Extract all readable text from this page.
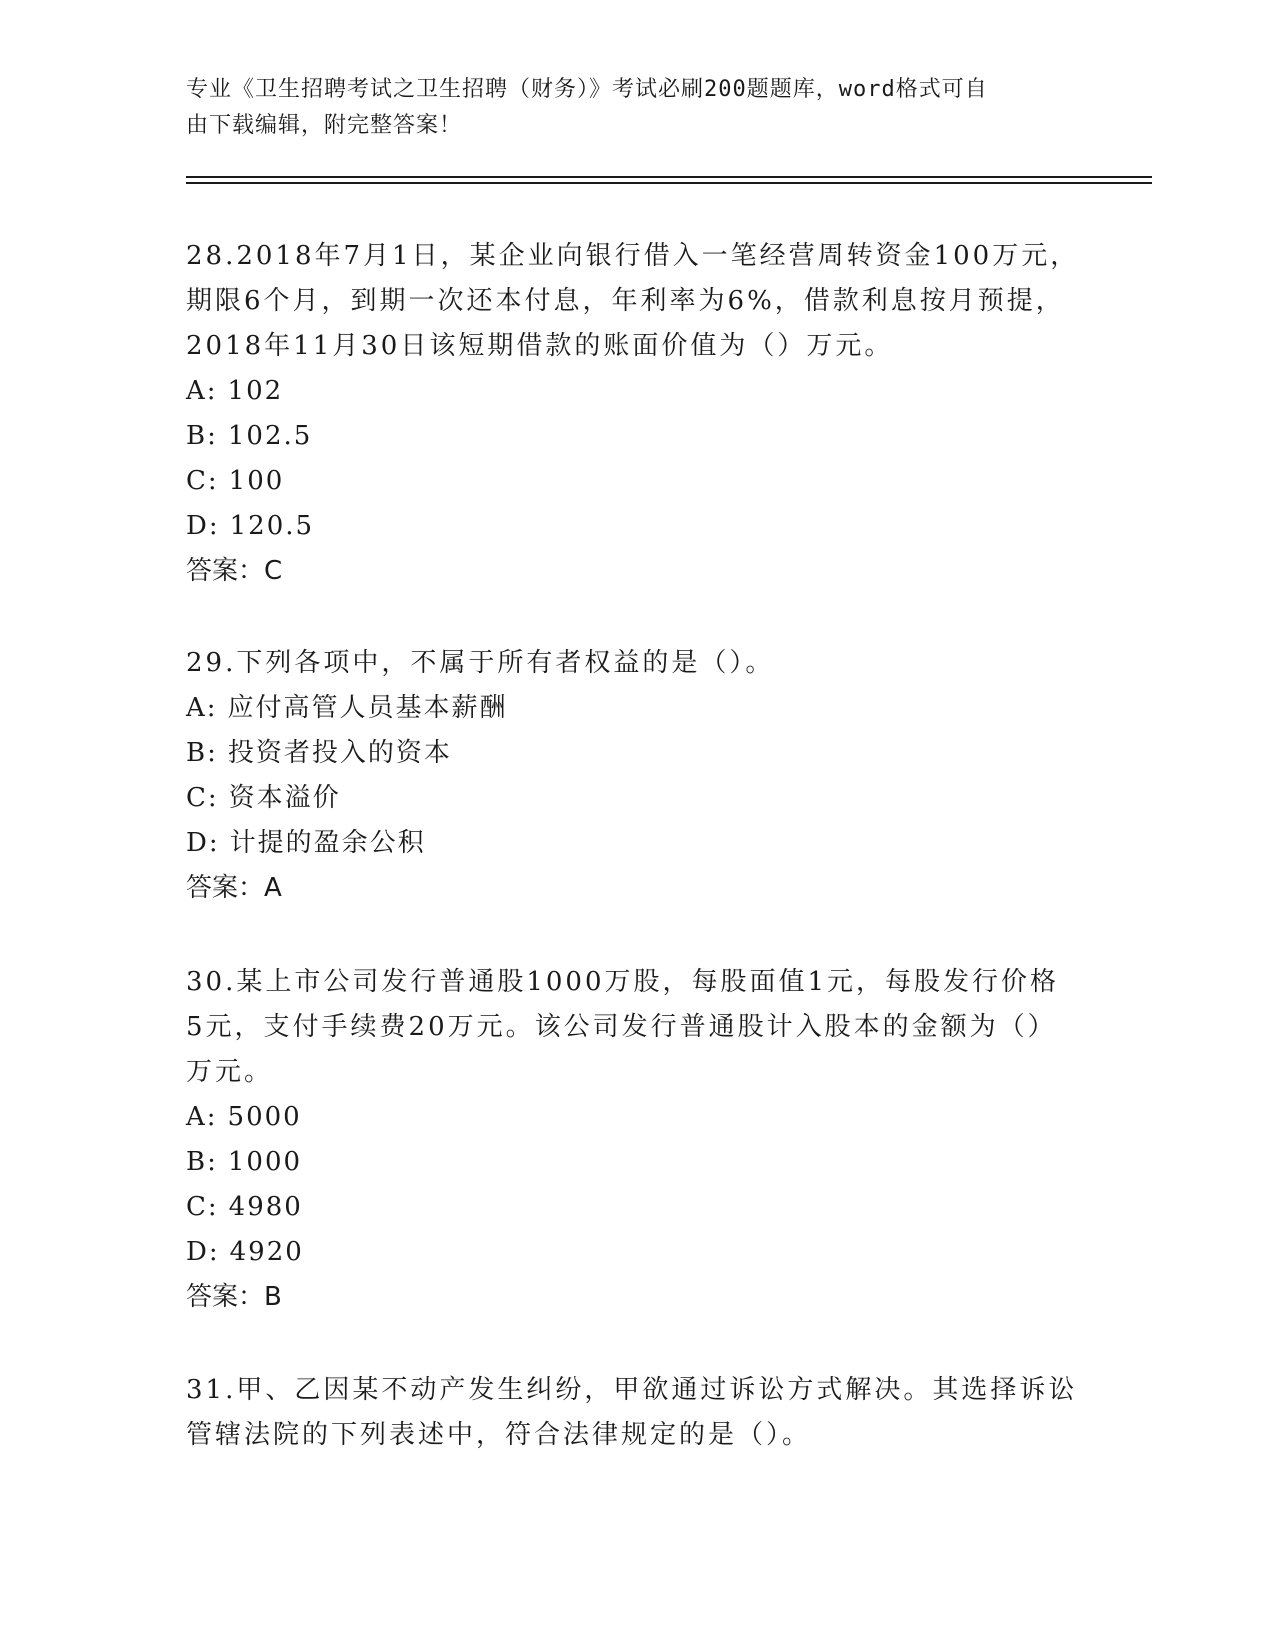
专业《卫生招聘考试之卫生招聘（财务）》考试必刷200题题库，word格式可自
由下载编辑，附完整答案！

28.2018年7月1日，某企业向银行借入一笔经营周转资金100万元，

期限6个月，到期一次还本付息，年利率为6%，借款利息按月预提，

2018年11月30日该短期借款的账面价值为（）万元。

A: 102

B: 102.5

C: 100

D: 120.5

答案：C

29.下列各项中，不属于所有者权益的是（）。

A: 应付高管人员基本薪酬

B: 投资者投入的资本

C: 资本溢价

D: 计提的盈余公积

答案：A

30.某上市公司发行普通股1000万股，每股面值1元，每股发行价格

5元，支付手续费20万元。该公司发行普通股计入股本的金额为（）

万元。

A: 5000

B: 1000

C: 4980

D: 4920

答案：B

31.甲、乙因某不动产发生纠纷，甲欲通过诉讼方式解决。其选择诉讼

管辖法院的下列表述中，符合法律规定的是（）。
